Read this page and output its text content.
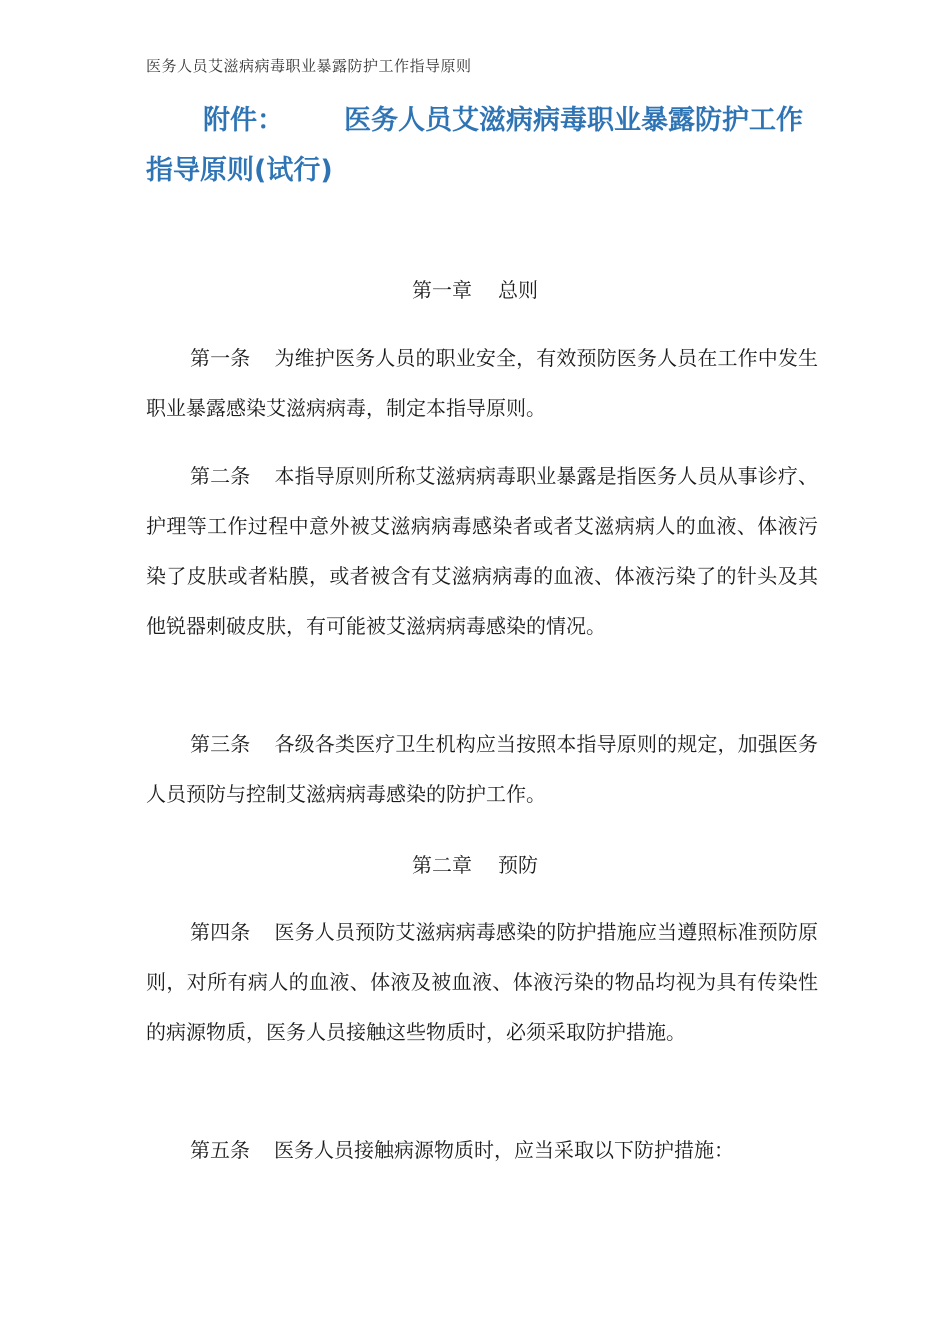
医务人员艾滋病病毒职业暴露防护工作指导原则
附件： 医务人员艾滋病病毒职业暴露防护工作指导原则(试行)
第一章 总则

第一条 为维护医务人员的职业安全，有效预防医务人员在工作中发生职业暴露感染艾滋病病毒，制定本指导原则。

第二条 本指导原则所称艾滋病病毒职业暴露是指医务人员从事诊疗、护理等工作过程中意外被艾滋病病毒感染者或者艾滋病病人的血液、体液污染了皮肤或者粘膜，或者被含有艾滋病病毒的血液、体液污染了的针头及其他锐器刺破皮肤，有可能被艾滋病病毒感染的情况。

第三条 各级各类医疗卫生机构应当按照本指导原则的规定，加强医务人员预防与控制艾滋病病毒感染的防护工作。

第二章 预防

第四条 医务人员预防艾滋病病毒感染的防护措施应当遵照标准预防原则，对所有病人的血液、体液及被血液、体液污染的物品均视为具有传染性的病源物质，医务人员接触这些物质时，必须采取防护措施。

第五条 医务人员接触病源物质时，应当采取以下防护措施：
